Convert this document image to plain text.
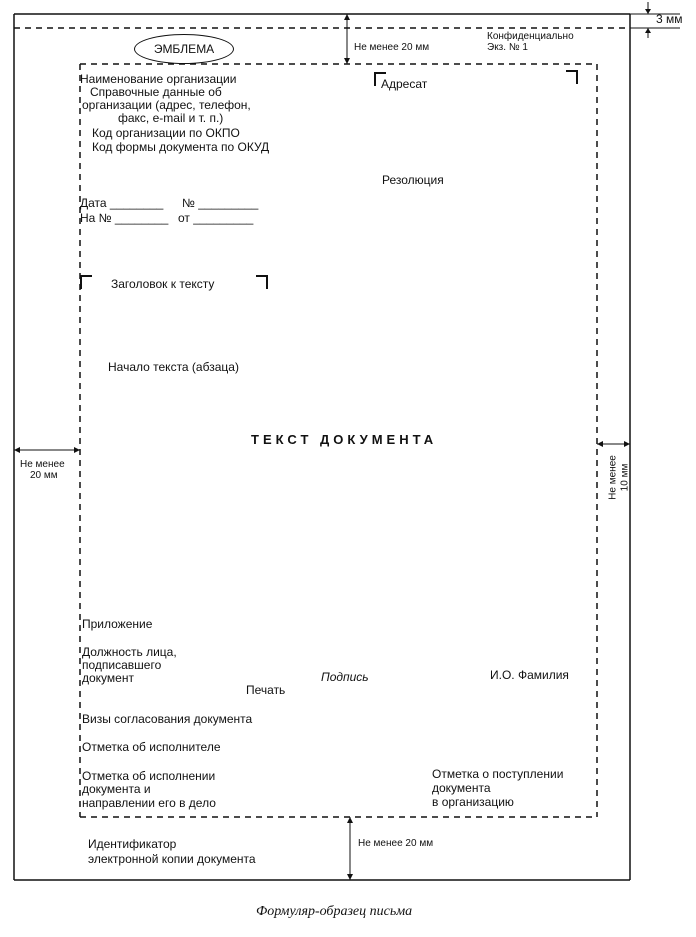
ЭМБЛЕМА	Не менее 20 мм
Конфиденциально
Экз. № 1
3 мм
Наименование организации
Справочные данные об
организации (адрес, телефон,
факс, e-mail и т. п.)
Код организации по ОКПО
Код формы документа по ОКУД
Адресат
Резолюция
Дата ________ № _________
На № ________ от _________
Заголовок к тексту
Начало текста (абзаца)
ТЕКСТ ДОКУМЕНТА
Не менее
20 мм	Не менее 10 мм
Приложение
Должность лица,
подписавшего
документ	Подпись	И.О. Фамилия
Печать
Визы согласования документа
Отметка об исполнителе
Отметка об исполнении
документа и
направлении его в дело
Отметка о поступлении
документа
в организацию
Не менее 20 мм
Идентификатор
электронной копии документа
Формуляр-образец письма
